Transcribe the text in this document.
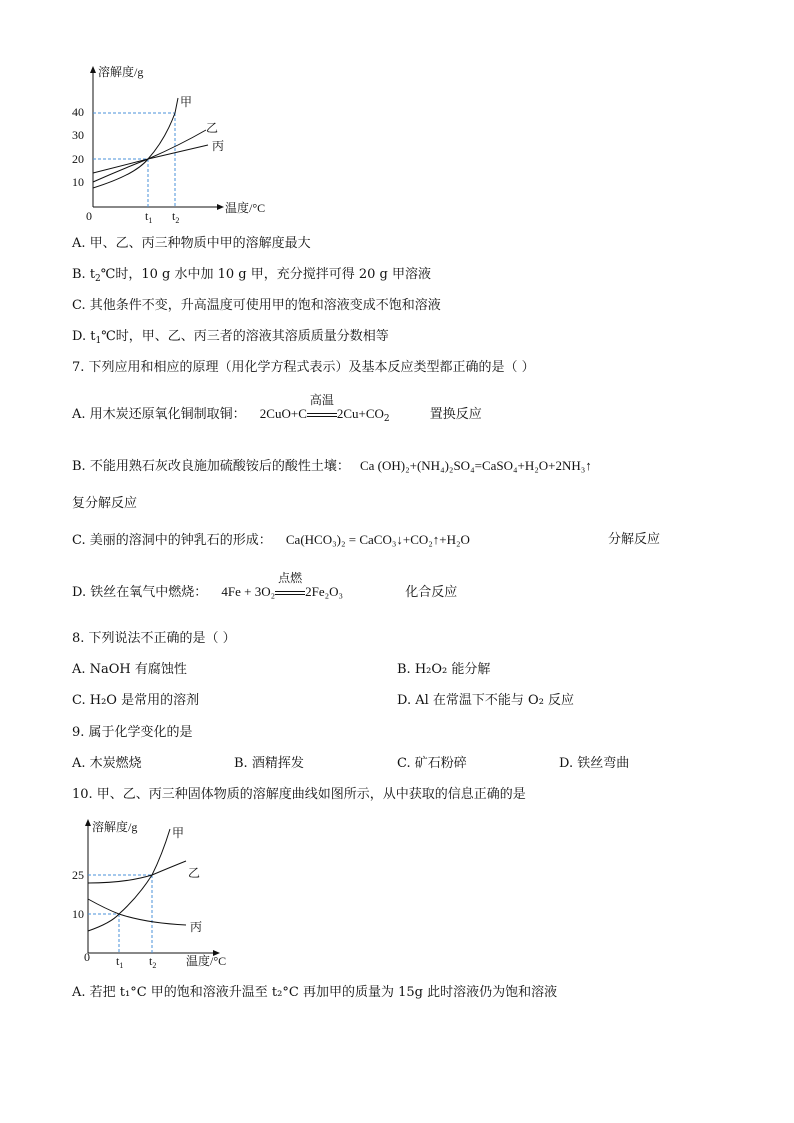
溶解度/g
温度/°C
0
40
30
20
10
$t_1$ $t_2$
甲
乙
丙
A. 甲、乙、丙三种物质中甲的溶解度最大
B. $t_2℃$时，10 g 水中加 10 g 甲，充分搅拌可得 20 g 甲溶液
C. 其他条件不变，升高温度可使用甲的饱和溶液变成不饱和溶液
D. $t_1℃$时，甲、乙、丙三者的溶液其溶质质量分数相等
7. 下列应用和相应的原理（用化学方程式表示）及基本反应类型都正确的是（ ）
A. 用木炭还原氧化铜制取铜： 2CuO+C
高温
$2Cu+CO_2$	置换反应
B. 不能用熟石灰改良施加硫酸铵后的酸性土壤： Ca (OH)₂+(NH₄)₂SO₄=CaSO₄+H₂O+2NH₃↑
复分解反应
C. 美丽的溶洞中的钟乳石的形成： Ca(HCO₃)₂ = CaCO₃↓+CO₂↑+H₂O	分解反应
D. 铁丝在氧气中燃烧： 4Fe + 3O₂
点燃
2Fe₂O₃	化合反应
8. 下列说法不正确的是（ ）
A. NaOH 有腐蚀性	B. H₂O₂ 能分解
C. H₂O 是常用的溶剂	D. Al 在常温下不能与 O₂ 反应
9. 属于化学变化的是
A. 木炭燃烧	B. 酒精挥发	C. 矿石粉碎	D. 铁丝弯曲
10. 甲、乙、丙三种固体物质的溶解度曲线如图所示，从中获取的信息正确的是
溶解度/g
温度/°C
0
25
10
$t_1$ $t_2$
甲
乙
丙
A. 若把 t₁°C 甲的饱和溶液升温至 t₂°C 再加甲的质量为 15g 此时溶液仍为饱和溶液
